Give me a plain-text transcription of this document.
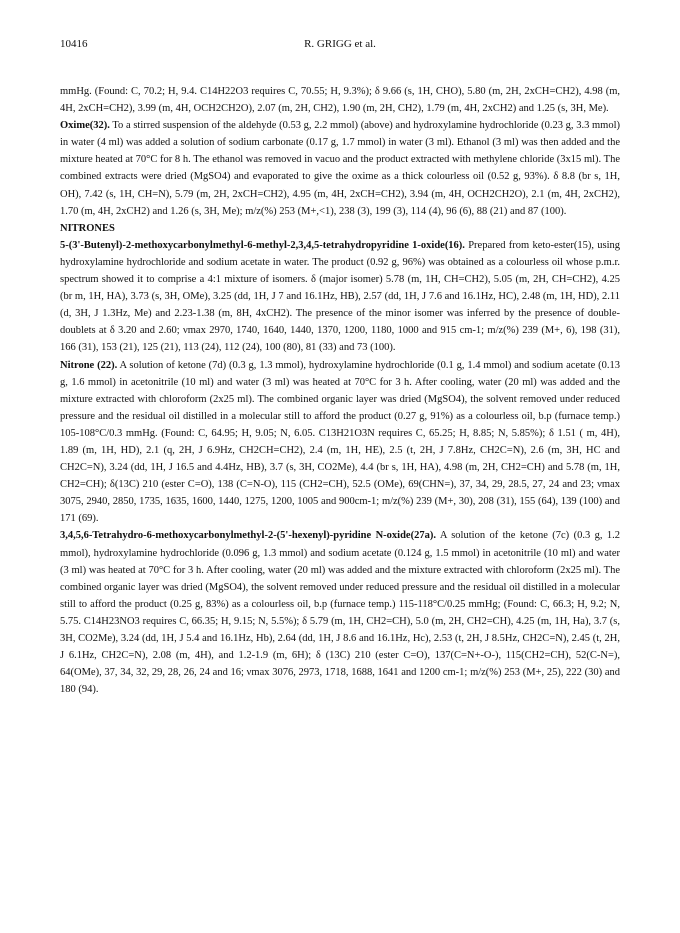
10416	R. GRIGG et al.

mmHg. (Found: C, 70.2; H, 9.4. C14H22O3 requires C, 70.55; H, 9.3%); δ 9.66 (s, 1H, CHO), 5.80 (m, 2H, 2xCH=CH2), 4.98 (m, 4H, 2xCH=CH2), 3.99 (m, 4H, OCH2CH2O), 2.07 (m, 2H, CH2), 1.90 (m, 2H, CH2), 1.79 (m, 4H, 2xCH2) and 1.25 (s, 3H, Me).

Oxime(32). To a stirred suspension of the aldehyde (0.53 g, 2.2 mmol) (above) and hydroxylamine hydrochloride (0.23 g, 3.3 mmol) in water (4 ml) was added a solution of sodium carbonate (0.17 g, 1.7 mmol) in water (3 ml). Ethanol (3 ml) was then added and the mixture heated at 70°C for 8 h. The ethanol was removed in vacuo and the product extracted with methylene chloride (3x15 ml). The combined extracts were dried (MgSO4) and evaporated to give the oxime as a thick colourless oil (0.52 g, 93%). δ 8.8 (br s, 1H, OH), 7.42 (s, 1H, CH=N), 5.79 (m, 2H, 2xCH=CH2), 4.95 (m, 4H, 2xCH=CH2), 3.94 (m, 4H, OCH2CH2O), 2.1 (m, 4H, 2xCH2), 1.70 (m, 4H, 2xCH2) and 1.26 (s, 3H, Me); m/z(%) 253 (M+,<1), 238 (3), 199 (3), 114 (4), 96 (6), 88 (21) and 87 (100).

NITRONES

5-(3'-Butenyl)-2-methoxycarbonylmethyl-6-methyl-2,3,4,5-tetrahydropyridine 1-oxide(16). Prepared from keto-ester(15), using hydroxylamine hydrochloride and sodium acetate in water. The product (0.92 g, 96%) was obtained as a colourless oil whose p.m.r. spectrum showed it to comprise a 4:1 mixture of isomers. δ (major isomer) 5.78 (m, 1H, CH=CH2), 5.05 (m, 2H, CH=CH2), 4.25 (br m, 1H, HA), 3.73 (s, 3H, OMe), 3.25 (dd, 1H, J 7 and 16.1Hz, HB), 2.57 (dd, 1H, J 7.6 and 16.1Hz, HC), 2.48 (m, 1H, HD), 2.11 (d, 3H, J 1.3Hz, Me) and 2.23-1.38 (m, 8H, 4xCH2). The presence of the minor isomer was inferred by the presence of double-doublets at δ 3.20 and 2.60; νmax 2970, 1740, 1640, 1440, 1370, 1200, 1180, 1000 and 915 cm-1; m/z(%) 239 (M+, 6), 198 (31), 166 (31), 153 (21), 125 (21), 113 (24), 112 (24), 100 (80), 81 (33) and 73 (100).

Nitrone (22). A solution of ketone (7d) (0.3 g, 1.3 mmol), hydroxylamine hydrochloride (0.1 g, 1.4 mmol) and sodium acetate (0.13 g, 1.6 mmol) in acetonitrile (10 ml) and water (3 ml) was heated at 70°C for 3 h. After cooling, water (20 ml) was added and the mixture extracted with chloroform (2x25 ml). The combined organic layer was dried (MgSO4), the solvent removed under reduced pressure and the residual oil distilled in a molecular still to afford the product (0.27 g, 91%) as a colourless oil, b.p (furnace temp.) 105-108°C/0.3 mmHg. (Found: C, 64.95; H, 9.05; N, 6.05. C13H21O3N requires C, 65.25; H, 8.85; N, 5.85%); δ 1.51 ( m, 4H), 1.89 (m, 1H, HD), 2.1 (q, 2H, J 6.9Hz, CH2CH=CH2), 2.4 (m, 1H, HE), 2.5 (t, 2H, J 7.8Hz, CH2C=N), 2.6 (m, 3H, HC and CH2C=N), 3.24 (dd, 1H, J 16.5 and 4.4Hz, HB), 3.7 (s, 3H, CO2Me), 4.4 (br s, 1H, HA), 4.98 (m, 2H, CH2=CH) and 5.78 (m, 1H, CH2=CH); δ(13C) 210 (ester C=O), 138 (C=N-O), 115 (CH2=CH), 52.5 (OMe), 69(CHN=), 37, 34, 29, 28.5, 27, 24 and 23; νmax 3075, 2940, 2850, 1735, 1635, 1600, 1440, 1275, 1200, 1005 and 900cm-1; m/z(%) 239 (M+, 30), 208 (31), 155 (64), 139 (100) and 171 (69).

3,4,5,6-Tetrahydro-6-methoxycarbonylmethyl-2-(5'-hexenyl)-pyridine N-oxide(27a). A solution of the ketone (7c) (0.3 g, 1.2 mmol), hydroxylamine hydrochloride (0.096 g, 1.3 mmol) and sodium acetate (0.124 g, 1.5 mmol) in acetonitrile (10 ml) and water (3 ml) was heated at 70°C for 3 h. After cooling, water (20 ml) was added and the mixture extracted with chloroform (2x25 ml). The combined organic layer was dried (MgSO4), the solvent removed under reduced pressure and the residual oil distilled in a molecular still to afford the product (0.25 g, 83%) as a colourless oil, b.p (furnace temp.) 115-118°C/0.25 mmHg; (Found: C, 66.3; H, 9.2; N, 5.75. C14H23NO3 requires C, 66.35; H, 9.15; N, 5.5%); δ 5.79 (m, 1H, CH2=CH), 5.0 (m, 2H, CH2=CH), 4.25 (m, 1H, Ha), 3.7 (s, 3H, CO2Me), 3.24 (dd, 1H, J 5.4 and 16.1Hz, Hb), 2.64 (dd, 1H, J 8.6 and 16.1Hz, Hc), 2.53 (t, 2H, J 8.5Hz, CH2C=N), 2.45 (t, 2H, J 6.1Hz, CH2C=N), 2.08 (m, 4H), and 1.2-1.9 (m, 6H); δ (13C) 210 (ester C=O), 137(C=N+-O-), 115(CH2=CH), 52(C-N=), 64(OMe), 37, 34, 32, 29, 28, 26, 24 and 16; νmax 3076, 2973, 1718, 1688, 1641 and 1200 cm-1; m/z(%) 253 (M+, 25), 222 (30) and 180 (94).
